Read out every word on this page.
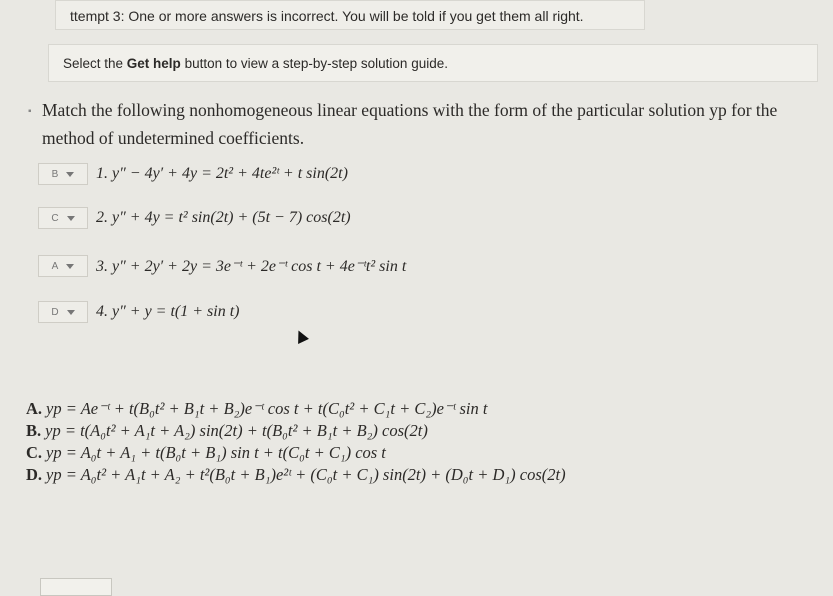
ttempt 3: One or more answers is incorrect. You will be told if you get them all right.
Select the Get help button to view a step-by-step solution guide.
▪ Match the following nonhomogeneous linear equations with the form of the particular solution yp for the method of undetermined coefficients.
B 1. y″ − 4y′ + 4y = 2t² + 4te²ᵗ + t sin(2t)
C 2. y″ + 4y = t² sin(2t) + (5t − 7) cos(2t)
A 3. y″ + 2y′ + 2y = 3e⁻ᵗ + 2e⁻ᵗ cos t + 4e⁻ᵗt² sin t
D 4. y″ + y = t(1 + sin t)
A. yp = Ae⁻ᵗ + t(B₀t² + B₁t + B₂)e⁻ᵗ cos t + t(C₀t² + C₁t + C₂)e⁻ᵗ sin t
B. yp = t(A₀t² + A₁t + A₂) sin(2t) + t(B₀t² + B₁t + B₂) cos(2t)
C. yp = A₀t + A₁ + t(B₀t + B₁) sin t + t(C₀t + C₁) cos t
D. yp = A₀t² + A₁t + A₂ + t²(B₀t + B₁)e²ᵗ + (C₀t + C₁) sin(2t) + (D₀t + D₁) cos(2t)
